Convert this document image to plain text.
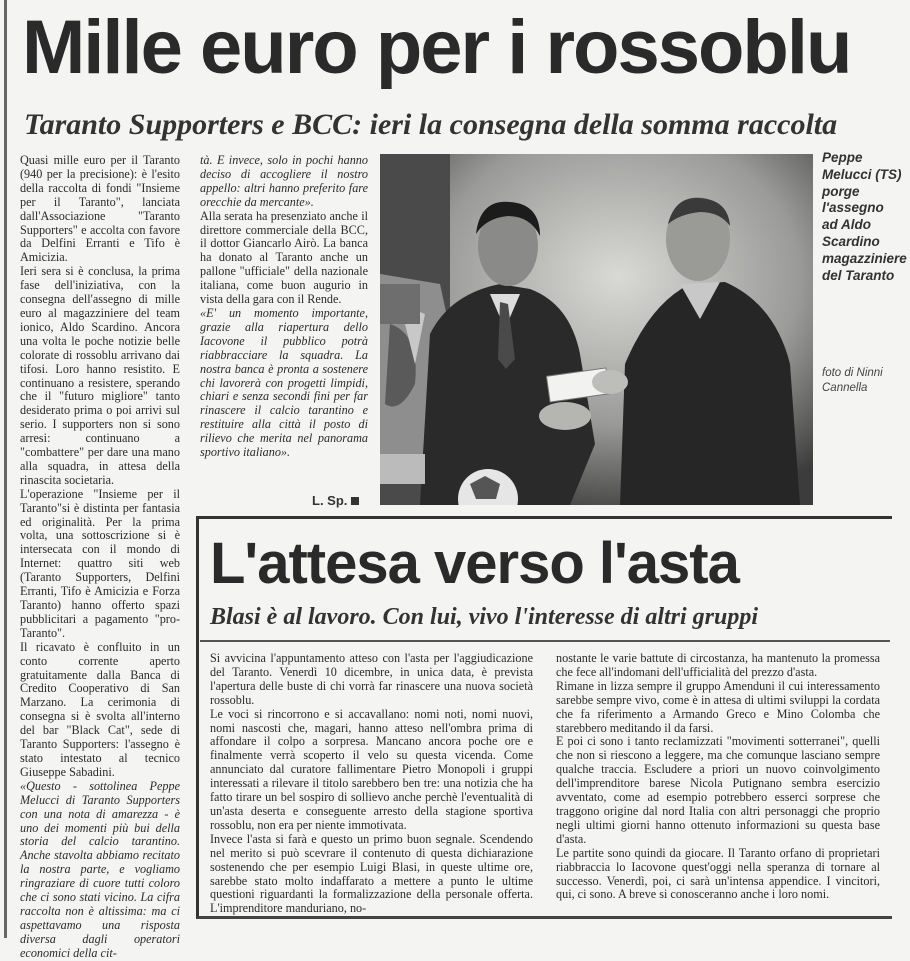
Mille euro per i rossoblu
Taranto Supporters e BCC: ieri la consegna della somma raccolta

Quasi mille euro per il Taranto (940 per la precisione): è l'esito della raccolta di fondi "Insieme per il Taranto", lanciata dall'Associazione "Taranto Supporters" e accolta con favore da Delfini Erranti e Tifo è Amicizia.

Ieri sera si è conclusa, la prima fase dell'iniziativa, con la consegna dell'assegno di mille euro al magazziniere del team ionico, Aldo Scardino. Ancora una volta le poche notizie belle colorate di rossoblu arrivano dai tifosi. Loro hanno resistito. E continuano a resistere, sperando che il "futuro migliore" tanto desiderato prima o poi arrivi sul serio. I supporters non si sono arresi: continuano a "combattere" per dare una mano alla squadra, in attesa della rinascita societaria.

L'operazione "Insieme per il Taranto"si è distinta per fantasia ed originalità. Per la prima volta, una sottoscrizione si è intersecata con il mondo di Internet: quattro siti web (Taranto Supporters, Delfini Erranti, Tifo è Amicizia e Forza Taranto) hanno offerto spazi pubblicitari a pagamento "pro-Taranto".

Il ricavato è confluito in un conto corrente aperto gratuitamente dalla Banca di Credito Cooperativo di San Marzano. La cerimonia di consegna si è svolta all'interno del bar "Black Cat", sede di Taranto Supporters: l'assegno è stato intestato al tecnico Giuseppe Sabadini.

«Questo - sottolinea Peppe Melucci di Taranto Supporters con una nota di amarezza - è uno dei momenti più bui della storia del calcio tarantino. Anche stavolta abbiamo recitato la nostra parte, e vogliamo ringraziare di cuore tutti coloro che ci sono stati vicino. La cifra raccolta non è altissima: ma ci aspettavamo una risposta diversa dagli operatori economici della cit-

tà. E invece, solo in pochi hanno deciso di accogliere il nostro appello: altri hanno preferito fare orecchie da mercante».

Alla serata ha presenziato anche il direttore commerciale della BCC, il dottor Giancarlo Airò. La banca ha donato al Taranto anche un pallone "ufficiale" della nazionale italiana, come buon augurio in vista della gara con il Rende.

«E' un momento importante, grazie alla riapertura dello Iacovone il pubblico potrà riabbracciare la squadra. La nostra banca è pronta a sostenere chi lavorerà con progetti limpidi, chiari e senza secondi fini per far rinascere il calcio tarantino e restituire alla città il posto di rilievo che merita nel panorama sportivo italiano».

L. Sp.
Peppe Melucci (TS) porge l'assegno ad Aldo Scardino magazziniere del Taranto
foto di Ninni Cannella
L'attesa verso l'asta
Blasi è al lavoro. Con lui, vivo l'interesse di altri gruppi

Si avvicina l'appuntamento atteso con l'asta per l'aggiudicazione del Taranto. Venerdì 10 dicembre, in unica data, è prevista l'apertura delle buste di chi vorrà far rinascere una nuova società rossoblu.

Le voci si rincorrono e si accavallano: nomi noti, nomi nuovi, nomi nascosti che, magari, hanno atteso nell'ombra prima di affondare il colpo a sorpresa. Mancano ancora poche ore e finalmente verrà scoperto il velo su questa vicenda. Come annunciato dal curatore fallimentare Pietro Monopoli i gruppi interessati a rilevare il titolo sarebbero ben tre: una notizia che ha fatto tirare un bel sospiro di sollievo anche perchè l'eventualità di un'asta deserta e conseguente arresto della stagione sportiva rossoblu, non era per niente immotivata.

Invece l'asta si farà e questo un primo buon segnale. Scendendo nel merito si può scevrare il contenuto di questa dichiarazione sostenendo che per esempio Luigi Blasi, in queste ultime ore, sarebbe stato molto indaffarato a mettere a punto le ultime questioni riguardanti la formalizzazione della personale offerta. L'imprenditore manduriano, no-

nostante le varie battute di circostanza, ha mantenuto la promessa che fece all'indomani dell'ufficialità del prezzo d'asta.

Rimane in lizza sempre il gruppo Amenduni il cui interessamento sarebbe sempre vivo, come è in attesa di ultimi sviluppi la cordata che fa riferimento a Armando Greco e Mino Colomba che starebbero meditando il da farsi.

E poi ci sono i tanto reclamizzati "movimenti sotterranei", quelli che non si riescono a leggere, ma che comunque lasciano sempre qualche traccia. Escludere a priori un nuovo coinvolgimento dell'imprenditore barese Nicola Putignano sembra esercizio avventato, come ad esempio potrebbero esserci sorprese che traggono origine dal nord Italia con altri personaggi che proprio negli ultimi giorni hanno ottenuto informazioni su questa base d'asta.

Le partite sono quindi da giocare. Il Taranto orfano di proprietari riabbraccia lo Iacovone quest'oggi nella speranza di tornare al successo. Venerdì, poi, ci sarà un'intensa appendice. I vincitori, qui, ci sono. A breve si conosceranno anche i loro nomi.
